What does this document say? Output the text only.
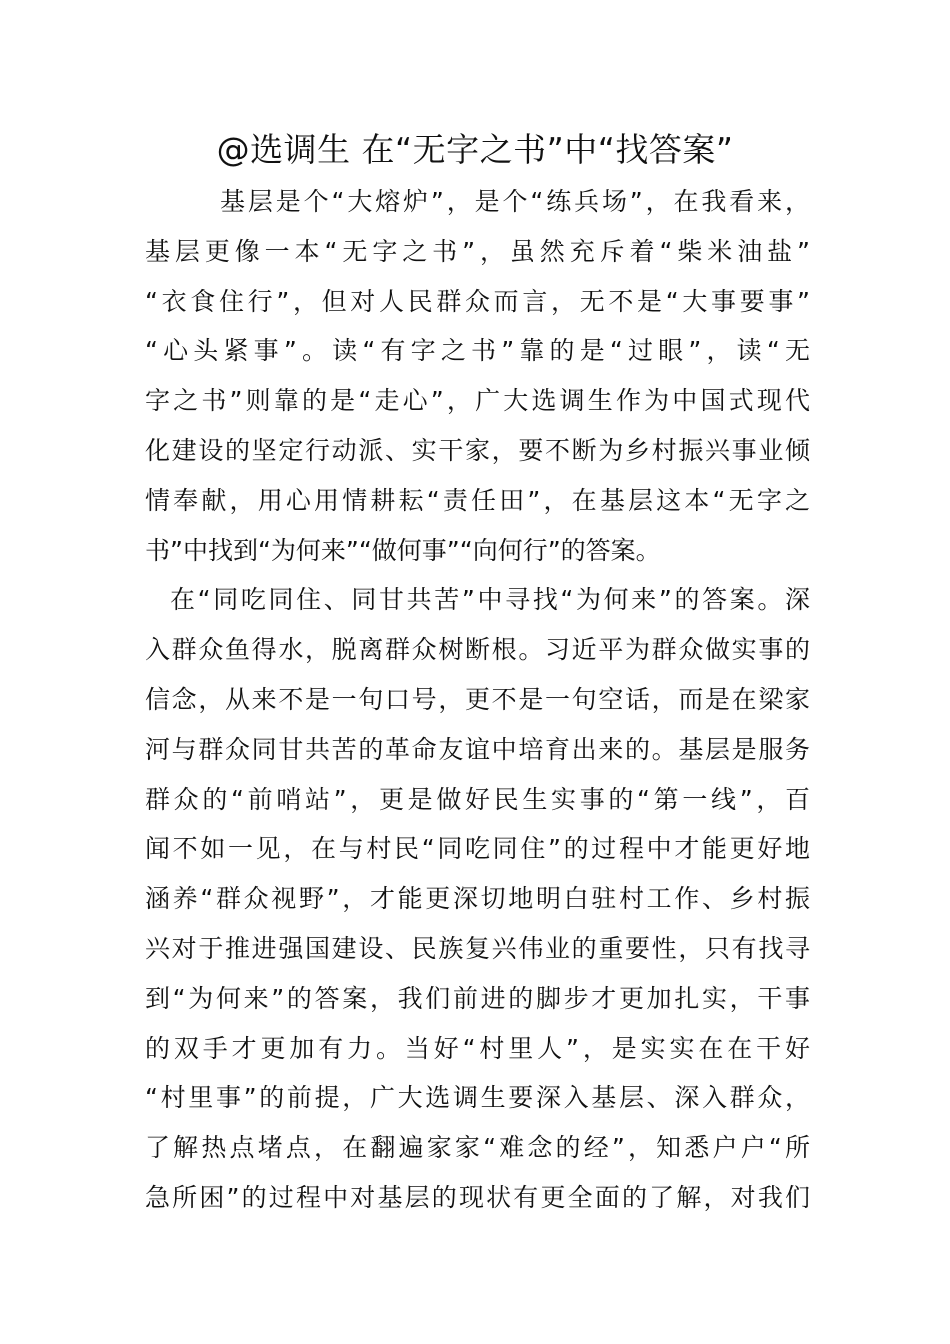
@选调生 在“无字之书”中“找答案”
基层是个“大熔炉”，是个“练兵场”，在我看来，
基层更像一本“无字之书”，虽然充斥着“柴米油盐”
“衣食住行”，但对人民群众而言，无不是“大事要事”
“心头紧事”。读“有字之书”靠的是“过眼”，读“无
字之书”则靠的是“走心”，广大选调生作为中国式现代
化建设的坚定行动派、实干家，要不断为乡村振兴事业倾
情奉献，用心用情耕耘“责任田”，在基层这本“无字之
书”中找到“为何来”“做何事”“向何行”的答案。
在“同吃同住、同甘共苦”中寻找“为何来”的答案。深
入群众鱼得水，脱离群众树断根。习近平为群众做实事的
信念，从来不是一句口号，更不是一句空话，而是在梁家
河与群众同甘共苦的革命友谊中培育出来的。基层是服务
群众的“前哨站”，更是做好民生实事的“第一线”，百
闻不如一见，在与村民“同吃同住”的过程中才能更好地
涵养“群众视野”，才能更深切地明白驻村工作、乡村振
兴对于推进强国建设、民族复兴伟业的重要性，只有找寻
到“为何来”的答案，我们前进的脚步才更加扎实，干事
的双手才更加有力。当好“村里人”，是实实在在干好
“村里事”的前提，广大选调生要深入基层、深入群众，
了解热点堵点，在翻遍家家“难念的经”，知悉户户“所
急所困”的过程中对基层的现状有更全面的了解，对我们
